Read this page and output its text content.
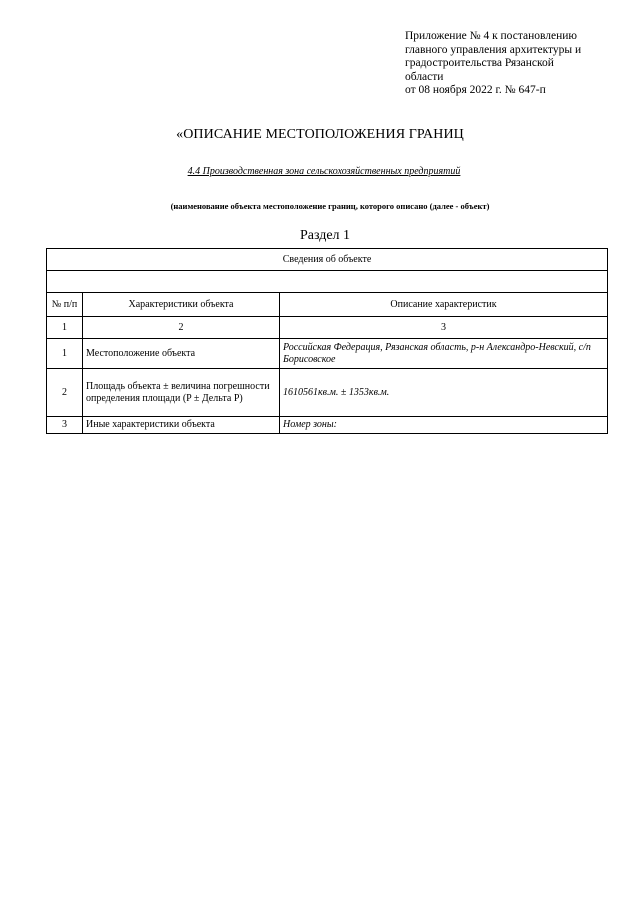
Приложение № 4 к постановлению
главного управления архитектуры и
градостроительства Рязанской
области
от 08 ноября 2022 г. № 647-п
«ОПИСАНИЕ МЕСТОПОЛОЖЕНИЯ ГРАНИЦ
4.4 Производственная зона сельскохозяйственных предприятий
(наименование объекта местоположение границ, которого описано (далее - объект)
Раздел 1
Сведения об объекте		

№ п/п	Характеристики объекта	Описание характеристик
1	2	3
1	Местоположение объекта	Российская Федерация, Рязанская область, р-н Александро-Невский, с/п Борисовское
2	Площадь объекта ± величина погрешности определения площади (P ± Дельта P)	1610561кв.м. ± 1353кв.м.
3	Иные характеристики объекта	Номер зоны:
